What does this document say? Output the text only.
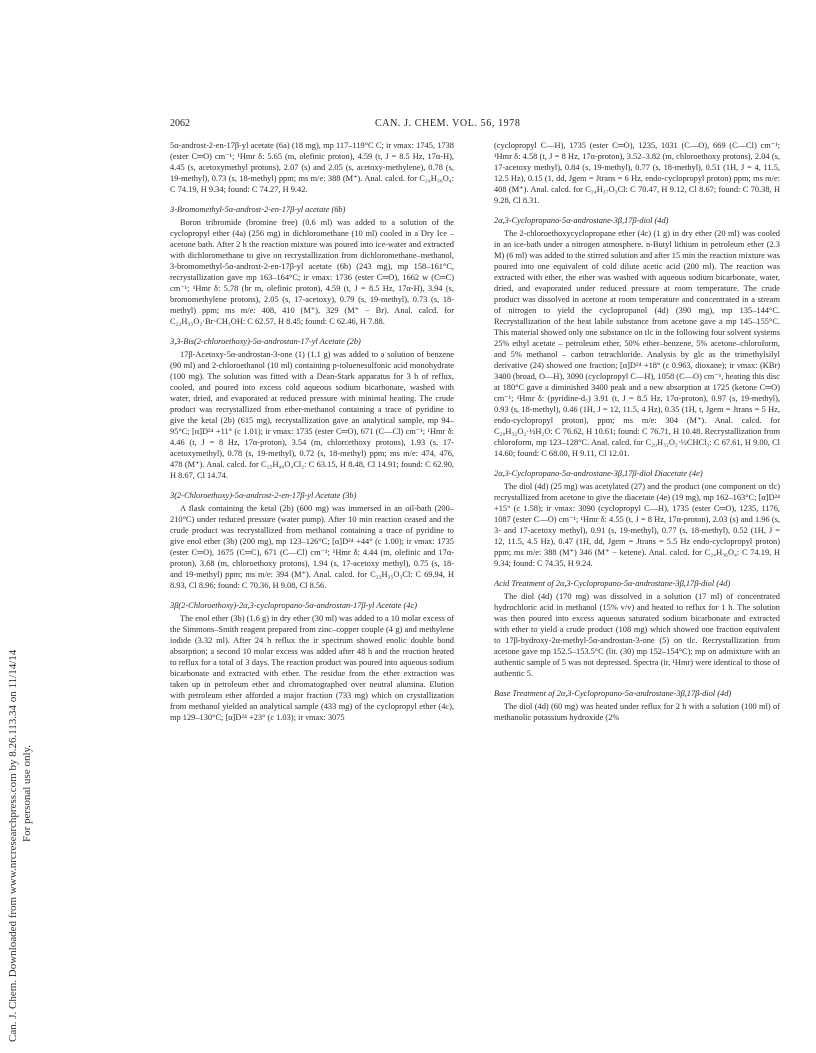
Can. J. Chem. Downloaded from www.nrcresearchpress.com by 8.26.113.34 on 11/14/14 For personal use only.
2062	CAN. J. CHEM. VOL. 56, 1978

5α-androst-2-en-17β-yl acetate (6a) (18 mg), mp 117–119°C C; ir νmax: 1745, 1738 (ester C═O) cm⁻¹; ¹Hmr δ: 5.65 (m, olefinic proton), 4.59 (t, J = 8.5 Hz, 17α-H), 4.45 (s, acetoxymethyl protons), 2.07 (s) and 2.05 (s, acetoxy-methylene), 0.78 (s, 19-methyl), 0.73 (s, 18-methyl) ppm; ms m/e: 388 (M⁺). Anal. calcd. for C₂₄H₃₆O₄: C 74.19, H 9.34; found: C 74.27, H 9.42.

3-Bromomethyl-5α-androst-2-en-17β-yl acetate (6b)

Boron tribromide (bromine free) (0.6 ml) was added to a solution of the cyclopropyl ether (4a) (256 mg) in dichloromethane (10 ml) cooled in a Dry Ice – acetone bath. After 2 h the reaction mixture was poured into ice-water and extracted with dichloromethane to give on recrystallization from dichloromethane–methanol, 3-bromomethyl-5α-androst-2-en-17β-yl acetate (6b) (243 mg), mp 158–161°C, recrystallization gave mp 163–164°C; ir νmax: 1736 (ester C═O), 1662 w (C═C) cm⁻¹; ¹Hmr δ: 5.78 (br m, olefinic proton), 4.59 (t, J = 8.5 Hz, 17α-H), 3.94 (s, bromomethylene protons), 2.05 (s, 17-acetoxy), 0.79 (s, 19-methyl), 0.73 (s, 18-methyl) ppm; ms m/e: 408, 410 (M⁺), 329 (M⁺ − Br). Anal. calcd. for C₂₂H₃₃O₂·Br·CH₃OH: C 62.57, H 8.45; found: C 62.46, H 7.88.

3,3-Bis(2-chloroethoxy)-5α-androstan-17-yl Acetate (2b)

17β-Acetoxy-5α-androstan-3-one (1) (1.1 g) was added to a solution of benzene (90 ml) and 2-chloroethanol (10 ml) containing p-toluenesulfonic acid monohydrate (100 mg). The solution was fitted with a Dean-Stark apparatus for 3 h of reflux, cooled, and poured into excess cold aqueous sodium bicarbonate, washed with water, dried, and evaporated at reduced pressure with minimal heating. The crude product was recrystallized from ether-methanol containing a trace of pyridine to give the ketal (2b) (615 mg), recrystallization gave an analytical sample, mp 94–95°C; [α]D²⁴ +11° (c 1.01); ir νmax: 1735 (ester C═O), 671 (C—Cl) cm⁻¹; ¹Hmr δ: 4.46 (t, J = 8 Hz, 17α-proton), 3.54 (m, chlorcethoxy protons), 1.93 (s, 17-acetoxymethyl), 0.78 (s, 19-methyl), 0.72 (s, 18-methyl) ppm; ms m/e: 474, 476, 478 (M⁺). Anal. calcd. for C₂₅H₄₀O₄Cl₂: C 63.15, H 8.48, Cl 14.91; found: C 62.90, H 8.67, Cl 14.74.

3(2-Chloroethoxy)-5α-androst-2-en-17β-yl Acetate (3b)

A flask containing the ketal (2b) (600 mg) was immersed in an oil-bath (200–210°C) under reduced pressure (water pump). After 10 min reaction ceased and the crude product was recrystallized from methanol containing a trace of pyridine to give enol ether (3b) (200 mg), mp 123–126°C; [α]D²⁴ +44° (c 1.00); ir νmax: 1735 (ester C═O), 1675 (C═C), 671 (C—Cl) cm⁻¹; ¹Hmr δ: 4.44 (m, olefinic and 17α-proton), 3.68 (m, chloroethoxy protons), 1.94 (s, 17-acetoxy methyl), 0.75 (s, 18- and 19-methyl) ppm; ms m/e: 394 (M⁺). Anal. calcd. for C₂₃H₃₅O₃Cl: C 69.94, H 8.93, Cl 8.96; found: C 70.36, H 9.08, Cl 8.56.

3β(2-Chloroethoxy)-2α,3-cyclopropano-5α-androstan-17β-yl Acetate (4c)

The enol ether (3b) (1.6 g) in dry ether (30 ml) was added to a 10 molar excess of the Simmons–Smith reagent prepared from zinc–copper couple (4 g) and methylene iodide (3.32 ml). After 24 h reflux the ir spectrum showed enolic double bond absorption; a second 10 molar excess was added after 48 h and the reaction heated to reflux for a total of 3 days. The reaction product was poured into aqueous sodium bicarbonate and extracted with ether. The residue from the ether extraction was taken up in petroleum ether and chromatographed over neutral alumina. Elution with petroleum ether afforded a major fraction (733 mg) which on crystallization from methanol yielded an analytical sample (433 mg) of the cyclopropyl ether (4c), mp 129–130°C; [α]D²⁴ +23° (c 1.03); ir νmax: 3075

(cyclopropyl C—H), 1735 (ester C═O), 1235, 1031 (C—O), 669 (C—Cl) cm⁻¹; ¹Hmr δ: 4.58 (t, J = 8 Hz, 17α-proton), 3.52–3.82 (m, chloroethoxy protons), 2.04 (s, 17-acetoxy methyl), 0.84 (s, 19-methyl), 0.77 (s, 18-methyl), 0.51 (1H, J = 4, 11.5, 12.5 Hz), 0.15 (1, dd, Jgem = Jtrans = 6 Hz, endo-cyclopropyl proton) ppm; ms m/e: 408 (M⁺). Anal. calcd. for C₂₄H₃₇O₃Cl: C 70.47, H 9.12, Cl 8.67; found: C 70.38, H 9.28, Cl 8.31.

2α,3-Cyclopropano-5α-androstane-3β,17β-diol (4d)

The 2-chloroethoxycyclopropane ether (4c) (1 g) in dry ether (20 ml) was cooled in an ice-bath under a nitrogen atmosphere. n-Butyl lithium in petroleum ether (2.3 M) (6 ml) was added to the stirred solution and after 15 min the reaction mixture was poured into one equivalent of cold dilute acetic acid (200 ml). The reaction was extracted with ether, the ether was washed with aqueous sodium bicarbonate, water, dried, and evaporated under reduced pressure at room temperature. The crude product was dissolved in acetone at room temperature and concentrated in a stream of nitrogen to yield the cyclopropanol (4d) (390 mg), mp 135–144°C. Recrystallization of the heat labile substance from acetone gave a mp 145–155°C. This material showed only one substance on tlc in the following four solvent systems 25% ethyl acetate – petroleum ether, 50% ether–benzene, 5% acetone–chloroform, and 5% methanol – carbon tetrachloride. Analysis by glc as the trimethylsilyl derivative (24) showed one fraction; [α]D²⁴ +18° (c 0.963, dioxane); ir νmax: (KBr) 3400 (broad, O—H), 3090 (cyclopropyl C—H), 1058 (C—O) cm⁻¹, heating this disc at 180°C gave a diminished 3400 peak and a new absorption at 1725 (ketone C═O) cm⁻¹; ¹Hmr δ: (pyridine-d₅) 3.91 (t, J = 8.5 Hz, 17α-proton), 0.97 (s, 19-methyl), 0.93 (s, 18-methyl), 0.46 (1H, J = 12, 11.5, 4 Hz), 0.35 (1H, t, Jgem = Jtrans = 5 Hz, endo-cyclopropyl proton), ppm; ms m/e: 304 (M⁺). Anal. calcd. for C₂₀H₃₂O₂·½H₂O: C 76.62, H 10.61; found: C 76.71, H 10.48. Recrystallization from chloroform, mp 123–128°C. Anal. calcd. for C₂₀H₃₂O₂·½CHCl₃: C 67.61, H 9.00, Cl 14.60; found: C 68.00, H 9.11, Cl 12.01.

2α,3-Cyclopropano-5α-androstane-3β,17β-diol Diacetate (4e)

The diol (4d) (25 mg) was acetylated (27) and the product (one component on tlc) recrystallized from acetone to give the diacetate (4e) (19 mg), mp 162–163°C; [α]D²⁴ +15° (c 1.58); ir νmax: 3090 (cyclopropyl C—H), 1735 (ester C═O), 1235, 1176, 1087 (ester C—O) cm⁻¹; ¹Hmr δ: 4.55 (t, J = 8 Hz, 17α-proton), 2.03 (s) and 1.96 (s, 3- and 17-acetoxy methyl), 0.91 (s, 19-methyl), 0.77 (s, 18-methyl), 0.52 (1H, J = 12, 11.5, 4.5 Hz), 0.47 (1H, dd, Jgem = Jtrans = 5.5 Hz endo-cyclopropyl proton) ppm; ms m/e: 388 (M⁺) 346 (M⁺ − ketene). Anal. calcd. for C₂₄H₃₆O₄: C 74.19, H 9.34; found: C 74.35, H 9.24.

Acid Treatment of 2α,3-Cyclopropano-5α-androstane-3β,17β-diol (4d)

The diol (4d) (170 mg) was dissolved in a solution (17 ml) of concentrated hydrochloric acid in methanol (15% v/v) and heated to reflux for 1 h. The solution was then poured into excess aqueous saturated sodium bicarbonate and extracted with ether to yield a crude product (108 mg) which showed one fraction equivalent to 17β-hydroxy-2α-methyl-5α-androstan-3-one (5) on tlc. Recrystallization from acetone gave mp 152.5–153.5°C (lit. (30) mp 152–154°C); mp on admixture with an authentic sample of 5 was not depressed. Spectra (ir, ¹Hmr) were identical to those of authentic 5.

Base Treatment of 2α,3-Cyclopropano-5α-androstane-3β,17β-diol (4d)

The diol (4d) (60 mg) was heated under reflux for 2 h with a solution (100 ml) of methanolic potassium hydroxide (2%
